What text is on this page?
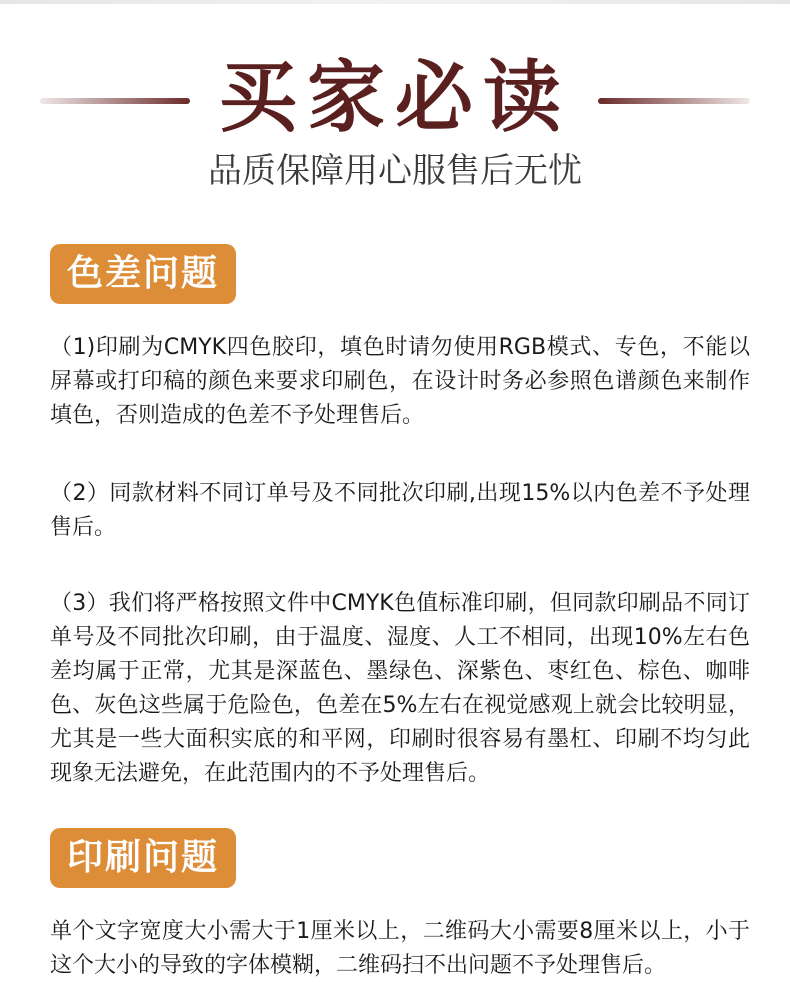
买家必读
品质保障用心服售后无忧
色差问题

（1)印刷为CMYK四色胶印，填色时请勿使用RGB模式、专色，不能以屏幕或打印稿的颜色来要求印刷色，在设计时务必参照色谱颜色来制作填色，否则造成的色差不予处理售后。

（2）同款材料不同订单号及不同批次印刷,出现15%以内色差不予处理售后。

（3）我们将严格按照文件中CMYK色值标准印刷，但同款印刷品不同订单号及不同批次印刷，由于温度、湿度、人工不相同，出现10%左右色差均属于正常，尤其是深蓝色、墨绿色、深紫色、枣红色、棕色、咖啡色、灰色这些属于危险色，色差在5%左右在视觉感观上就会比较明显，尤其是一些大面积实底的和平网，印刷时很容易有墨杠、印刷不均匀此现象无法避免，在此范围内的不予处理售后。

印刷问题

单个文字宽度大小需大于1厘米以上，二维码大小需要8厘米以上，小于这个大小的导致的字体模糊，二维码扫不出问题不予处理售后。
